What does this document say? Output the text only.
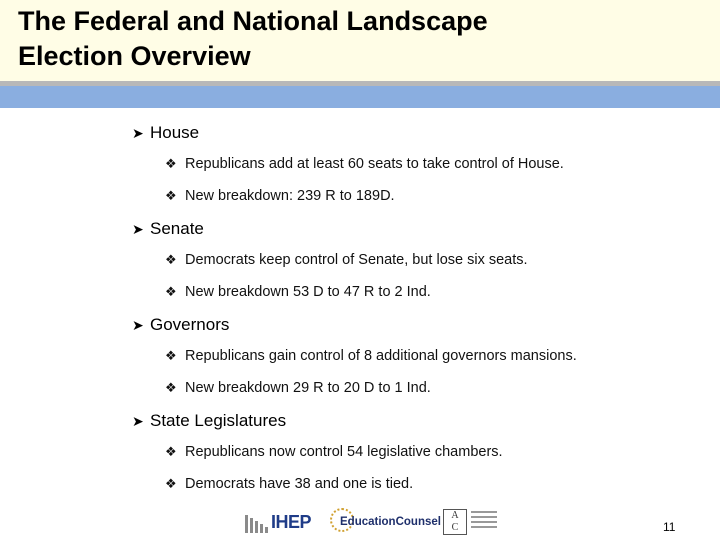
The Federal and National Landscape
Election Overview
➤ House
❖ Republicans add at least 60 seats to take control of House.
❖ New breakdown: 239 R to 189D.
➤ Senate
❖ Democrats keep control of Senate, but lose six seats.
❖ New breakdown 53 D to 47 R to 2 Ind.
➤ Governors
❖ Republicans gain control of 8 additional governors mansions.
❖ New breakdown 29 R to 20 D to 1 Ind.
➤ State Legislatures
❖ Republicans now control 54 legislative chambers.
❖ Democrats have 38 and one is tied.
IHEP	EducationCounsel
A
C	11
